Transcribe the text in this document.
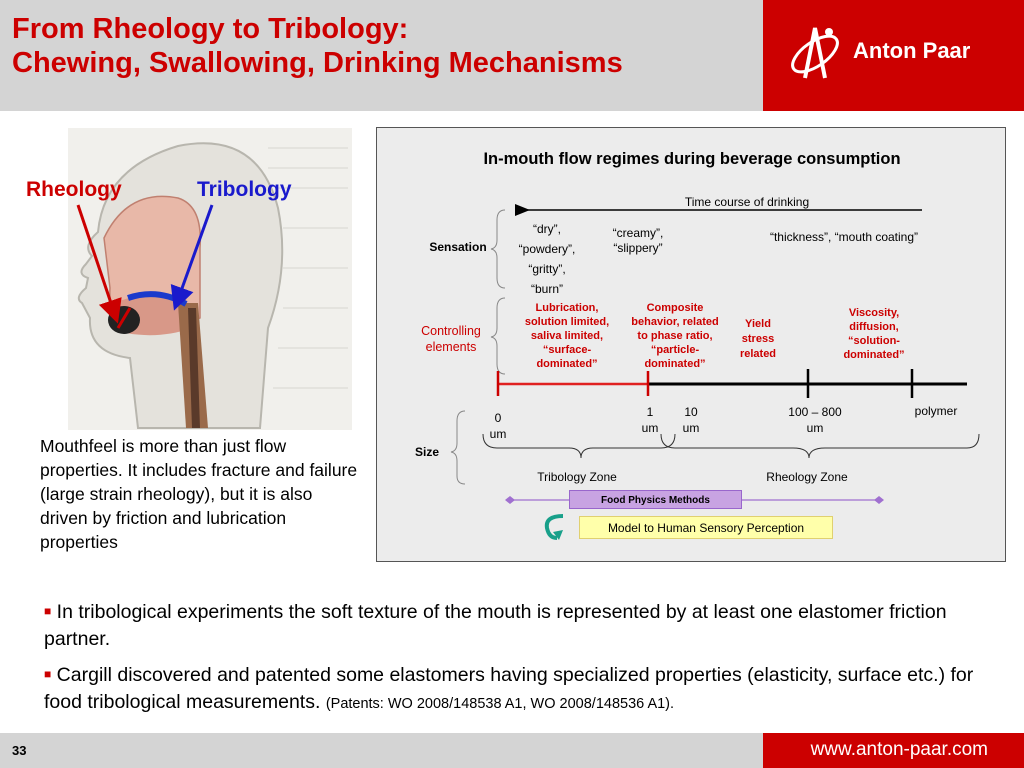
From Rheology to Tribology:
Chewing, Swallowing, Drinking Mechanisms	Anton Paar
Rheology	Tribology
Mouthfeel is more than just flow properties. It includes fracture and failure (large strain rheology), but it is also driven by friction and lubrication properties
In-mouth flow regimes during beverage consumption
Time course of drinking
Sensation
“dry”,
“powdery”,
“gritty”,
“burn”
“creamy”,
“slippery”
“thickness”, “mouth coating”
Controlling
elements
Lubrication,
solution limited,
saliva limited,
“surface-
dominated”
Composite
behavior, related
to phase ratio,
“particle-
dominated”
Yield
stress
related
Viscosity,
diffusion,
“solution-
dominated”
Size
0
um
1
um
10
um
100 – 800
um
polymer
Tribology Zone	Rheology Zone
Food Physics Methods
Model to Human Sensory Perception

■ In tribological experiments the soft texture of the mouth is represented by at least one elastomer friction partner.

■ Cargill discovered and patented some elastomers having specialized properties (elasticity, surface etc.) for food tribological measurements. (Patents: WO 2008/148538 A1, WO 2008/148536 A1).

33	www.anton-paar.com
